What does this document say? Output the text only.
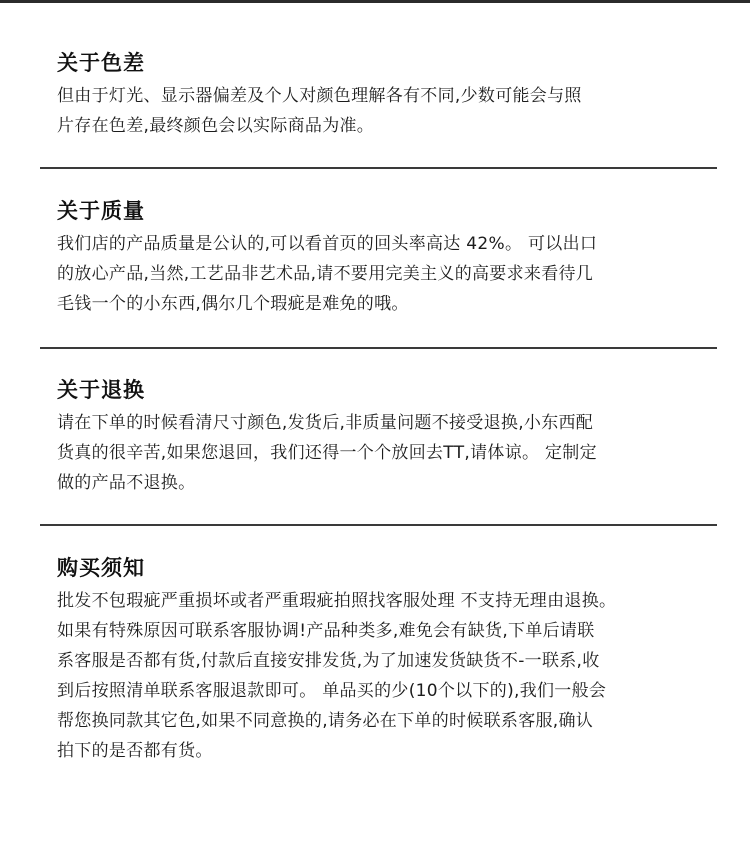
关于色差
但由于灯光、显示器偏差及个人对颜色理解各有不同,少数可能会与照
片存在色差,最终颜色会以实际商品为准。
关于质量
我们店的产品质量是公认的,可以看首页的回头率高达 42%。 可以出口
的放心产品,当然,工艺品非艺术品,请不要用完美主义的高要求来看待几
毛钱一个的小东西,偶尔几个瑕疵是难免的哦。
关于退换
请在下单的时候看清尺寸颜色,发货后,非质量问题不接受退换,小东西配
货真的很辛苦,如果您退回，我们还得一个个放回去TT,请体谅。 定制定
做的产品不退换。
购买须知
批发不包瑕疵严重损坏或者严重瑕疵拍照找客服处理 不支持无理由退换。
如果有特殊原因可联系客服协调!产品种类多,难免会有缺货,下单后请联
系客服是否都有货,付款后直接安排发货,为了加速发货缺货不-一联系,收
到后按照清单联系客服退款即可。 单品买的少(10个以下的),我们一般会
帮您换同款其它色,如果不同意换的,请务必在下单的时候联系客服,确认
拍下的是否都有货。
